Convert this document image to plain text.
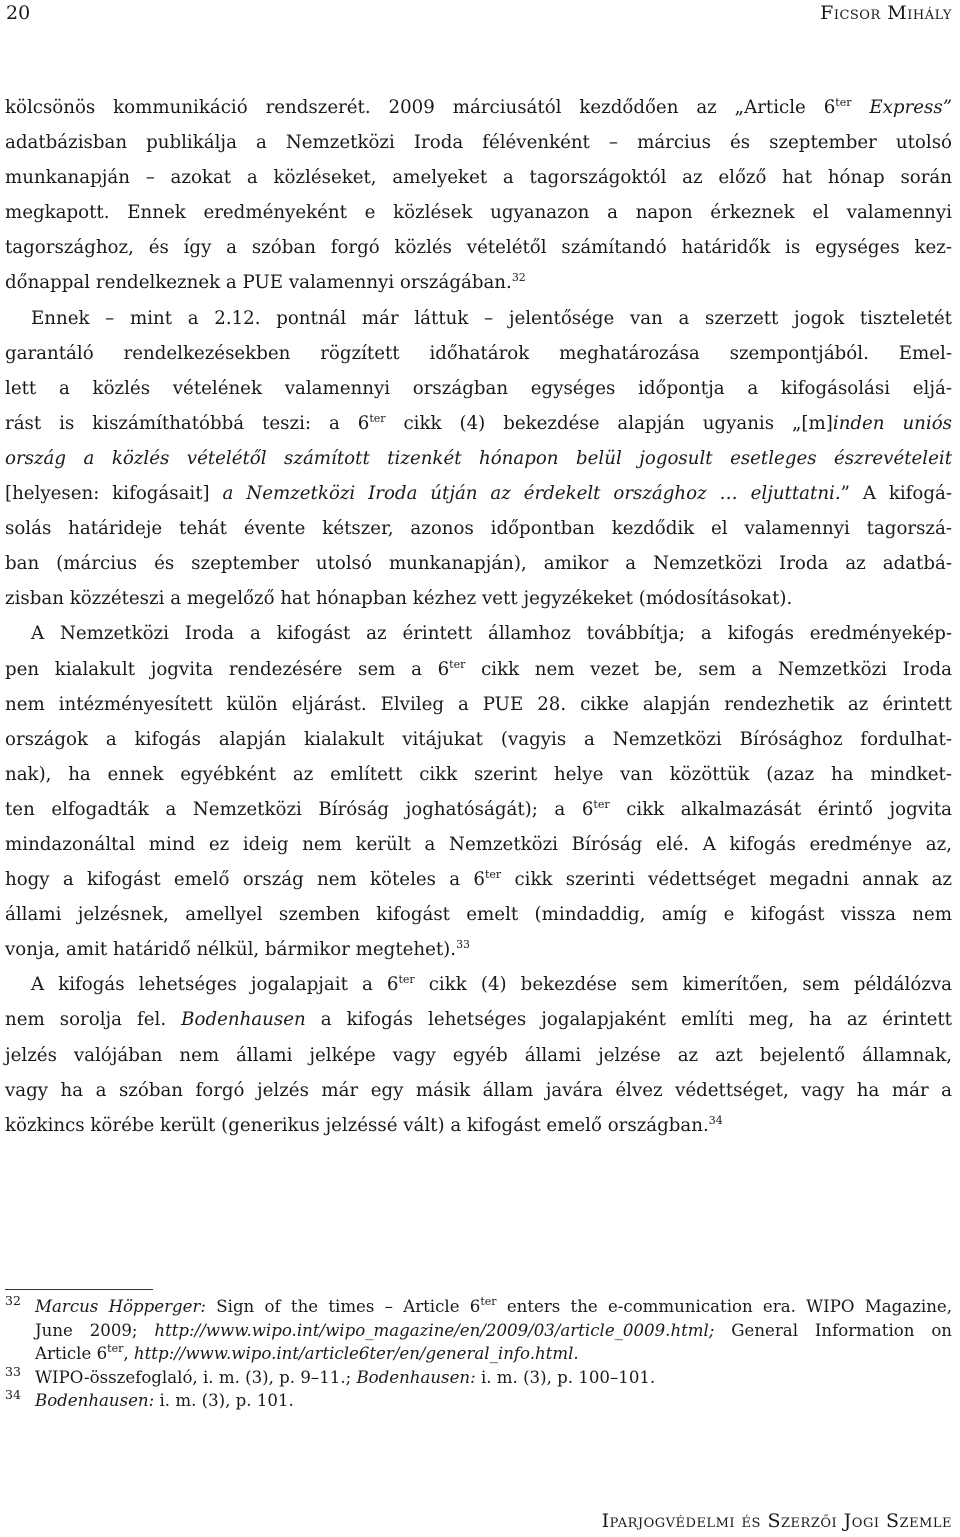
20	Ficsor Mihály
kölcsönös kommunikáció rendszerét. 2009 márciusától kezdődően az „Article $6^{ter}$ Express”
adatbázisban publikálja a Nemzetközi Iroda félévenként – március és szeptember utolsó
munkanapján – azokat a közléseket, amelyeket a tagországoktól az előző hat hónap során
megkapott. Ennek eredményeként e közlések ugyanazon a napon érkeznek el valamennyi
tagországhoz, és így a szóban forgó közlés vételétől számítandó határidők is egységes kez-
dőnappal rendelkeznek a PUE valamennyi országában.$^{32}$
Ennek – mint a 2.12. pontnál már láttuk – jelentősége van a szerzett jogok tiszteletét
garantáló rendelkezésekben rögzített időhatárok meghatározása szempontjából. Emel-
lett a közlés vételének valamennyi országban egységes időpontja a kifogásolási eljá-
rást is kiszámíthatóbbá teszi: a $6^{ter}$ cikk (4) bekezdése alapján ugyanis „[m]inden uniós
ország a közlés vételétől számított tizenkét hónapon belül jogosult esetleges észrevételeit
[helyesen: kifogásait] a Nemzetközi Iroda útján az érdekelt országhoz … eljuttatni.” A kifogá-
solás határideje tehát évente kétszer, azonos időpontban kezdődik el valamennyi tagorszá-
ban (március és szeptember utolsó munkanapján), amikor a Nemzetközi Iroda az adatbá-
zisban közzéteszi a megelőző hat hónapban kézhez vett jegyzékeket (módosításokat).
A Nemzetközi Iroda a kifogást az érintett államhoz továbbítja; a kifogás eredményekép-
pen kialakult jogvita rendezésére sem a $6^{ter}$ cikk nem vezet be, sem a Nemzetközi Iroda
nem intézményesített külön eljárást. Elvileg a PUE 28. cikke alapján rendezhetik az érintett
országok a kifogás alapján kialakult vitájukat (vagyis a Nemzetközi Bírósághoz fordulhat-
nak), ha ennek egyébként az említett cikk szerint helye van közöttük (azaz ha mindket-
ten elfogadták a Nemzetközi Bíróság joghatóságát); a $6^{ter}$ cikk alkalmazását érintő jogvita
mindazonáltal mind ez ideig nem került a Nemzetközi Bíróság elé. A kifogás eredménye az,
hogy a kifogást emelő ország nem köteles a $6^{ter}$ cikk szerinti védettséget megadni annak az
állami jelzésnek, amellyel szemben kifogást emelt (mindaddig, amíg e kifogást vissza nem
vonja, amit határidő nélkül, bármikor megtehet).$^{33}$
A kifogás lehetséges jogalapjait a $6^{ter}$ cikk (4) bekezdése sem kimerítően, sem példálózva
nem sorolja fel. Bodenhausen a kifogás lehetséges jogalapjaként említi meg, ha az érintett
jelzés valójában nem állami jelképe vagy egyéb állami jelzése az azt bejelentő államnak,
vagy ha a szóban forgó jelzés már egy másik állam javára élvez védettséget, vagy ha már a
közkincs körébe került (generikus jelzéssé vált) a kifogást emelő országban.$^{34}$
32 Marcus Höpperger: Sign of the times – Article $6^{ter}$ enters the e-communication era. WIPO Magazine,
June 2009; http://www.wipo.int/wipo_magazine/en/2009/03/article_0009.html; General Information on
Article $6^{ter}$, http://www.wipo.int/article6ter/en/general_info.html.
33 WIPO-összefoglaló, i. m. (3), p. 9–11.; Bodenhausen: i. m. (3), p. 100–101.
34 Bodenhausen: i. m. (3), p. 101.
Iparjogvédelmi és Szerzői Jogi Szemle
